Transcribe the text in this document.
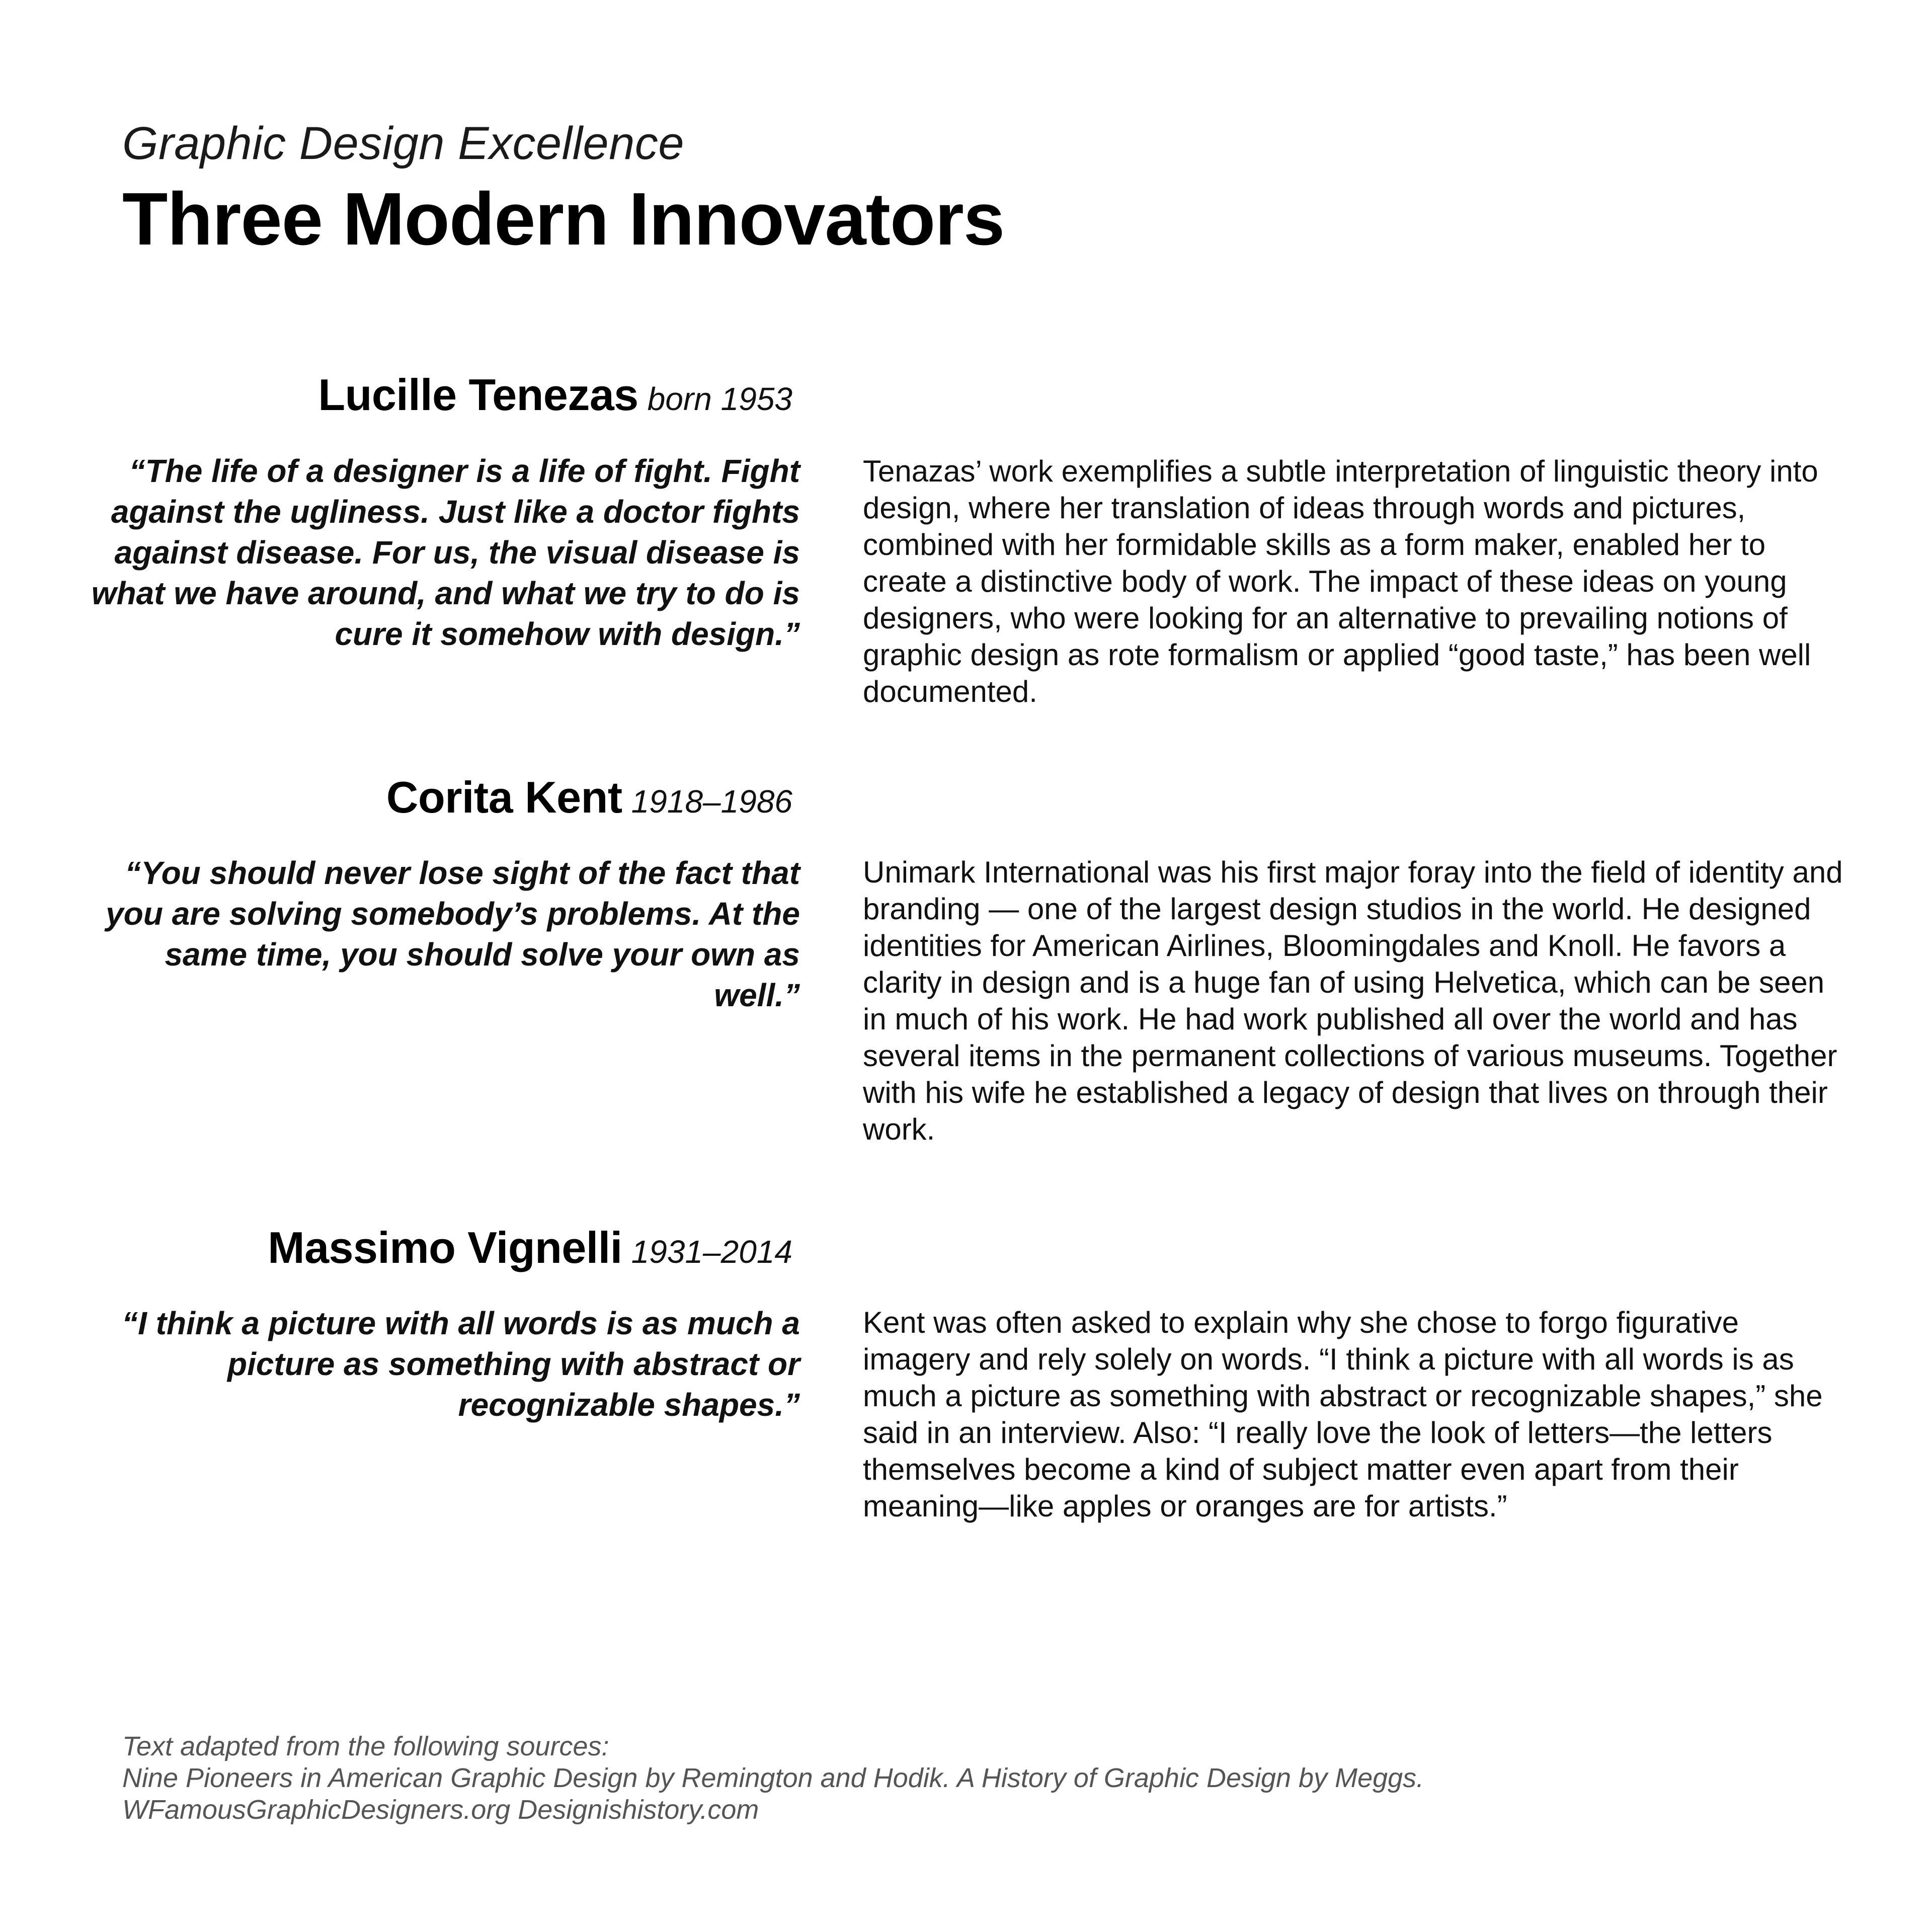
Graphic Design Excellence
Three Modern Innovators
Lucille Tenezas born 1953
“The life of a designer is a life of fight. Fight against the ugliness. Just like a doctor fights against disease. For us, the visual disease is what we have around, and what we try to do is cure it somehow with design.”
Tenazas’ work exemplifies a subtle interpretation of linguistic theory into design, where her translation of ideas through words and pictures, combined with her formidable skills as a form maker, enabled her to create a distinctive body of work. The impact of these ideas on young designers, who were looking for an alternative to prevailing notions of graphic design as rote formalism or applied “good taste,” has been well documented.
Corita Kent 1918–1986
“You should never lose sight of the fact that you are solving somebody’s problems. At the same time, you should solve your own as well.”
Unimark International was his first major foray into the field of identity and branding — one of the largest design studios in the world. He designed identities for American Airlines, Bloomingdales and Knoll. He favors a clarity in design and is a huge fan of using Helvetica, which can be seen in much of his work. He had work published all over the world and has several items in the permanent collections of various museums. Together with his wife he established a legacy of design that lives on through their work.
Massimo Vignelli 1931–2014
“I think a picture with all words is as much a picture as something with abstract or recognizable shapes.”
Kent was often asked to explain why she chose to forgo figurative imagery and rely solely on words. “I think a picture with all words is as much a picture as something with abstract or recognizable shapes,” she said in an interview. Also: “I really love the look of letters—the letters themselves become a kind of subject matter even apart from their meaning—like apples or oranges are for artists.”
Text adapted from the following sources:
Nine Pioneers in American Graphic Design by Remington and Hodik. A History of Graphic Design by Meggs.
WFamousGraphicDesigners.org Designishistory.com
